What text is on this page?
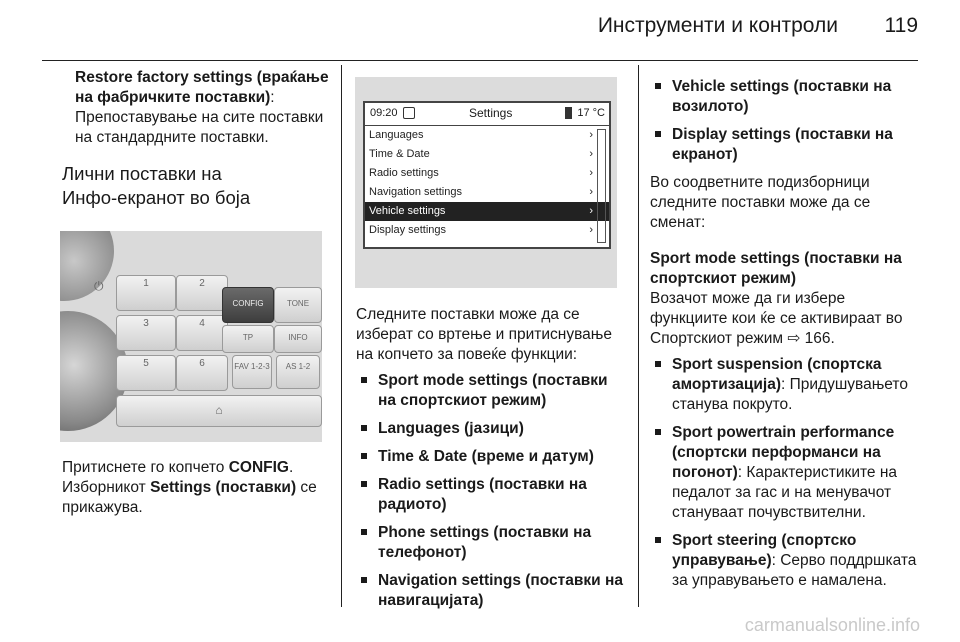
Инструменти и контроли 119

Restore factory settings (враќање на фабричките поставки): Препоставување на сите поставки на стандардните поставки.

Лични поставки на
Инфо-екранот во боја
⏻	1	2
3	4
5	6	FAV 1-2-3	AS 1-2
CONFIG	TONE
TP	INFO
⌂

Притиснете го копчето CONFIG. Изборникот Settings (поставки) се прикажува.

09:20	Settings	17 °C
Languages	›
Time & Date	›
Radio settings	›
Navigation settings	›
Vehicle settings	›
Display settings	›

Следните поставки може да се изберат со вртење и притиснување на копчето за повеќе функции:

Sport mode settings (поставки на спортскиот режим)
Languages (јазици)
Time & Date (време и датум)
Radio settings (поставки на радиото)
Phone settings (поставки на телефонот)
Navigation settings (поставки на навигацијата)
Vehicle settings (поставки на возилото)
Display settings (поставки на екранот)

Во соодветните подизборници следните поставки може да се сменат:

Sport mode settings (поставки на спортскиот режим)

Возачот може да ги избере функциите кои ќе се активираат во Спортскиот режим ⇨ 166.

Sport suspension (спортска амортизација): Придушувањето станува покруто.
Sport powertrain performance (спортски перформанси на погонот): Карактеристиките на педалот за гас и на менувачот стануваат почувствителни.
Sport steering (спортско управување): Серво поддршката за управувањето е намалена.
carmanualsonline.info
